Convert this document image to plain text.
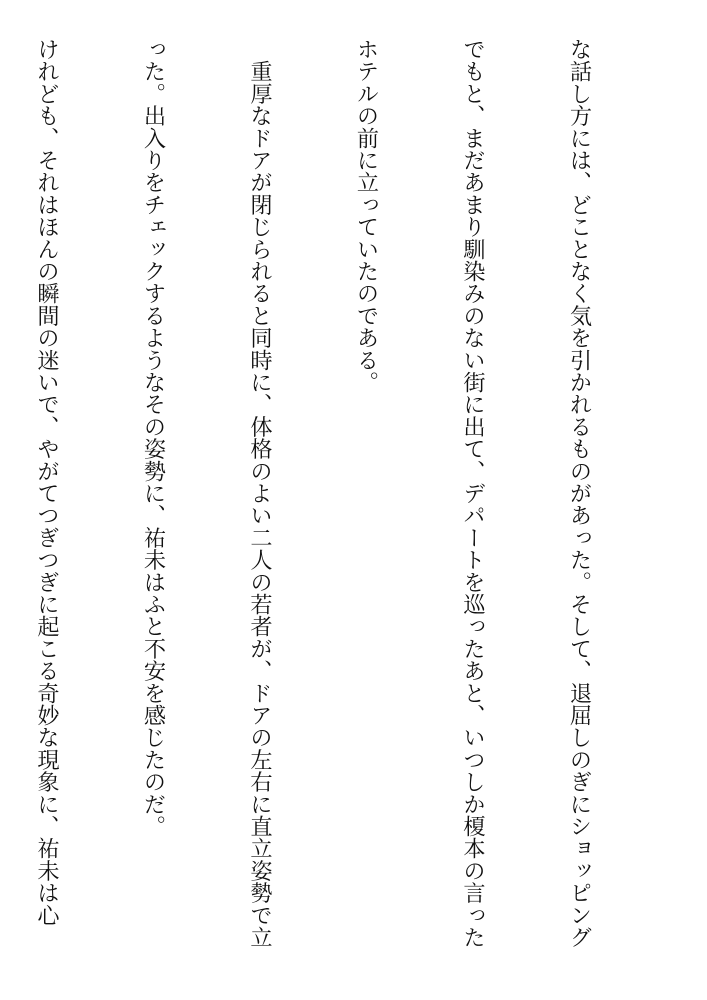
な話し方には、どことなく気を引かれるものがあった。そして、退屈しのぎにショッピング

でもと、まだあまり馴染みのない街に出て、デパートを巡ったあと、いつしか榎本の言った

ホテルの前に立っていたのである。

　重厚なドアが閉じられると同時に、体格のよい二人の若者が、ドアの左右に直立姿勢で立

った。出入りをチェックするようなその姿勢に、祐未はふと不安を感じたのだ。

けれども、それはほんの瞬間の迷いで、やがてつぎつぎに起こる奇妙な現象に、祐未は心
